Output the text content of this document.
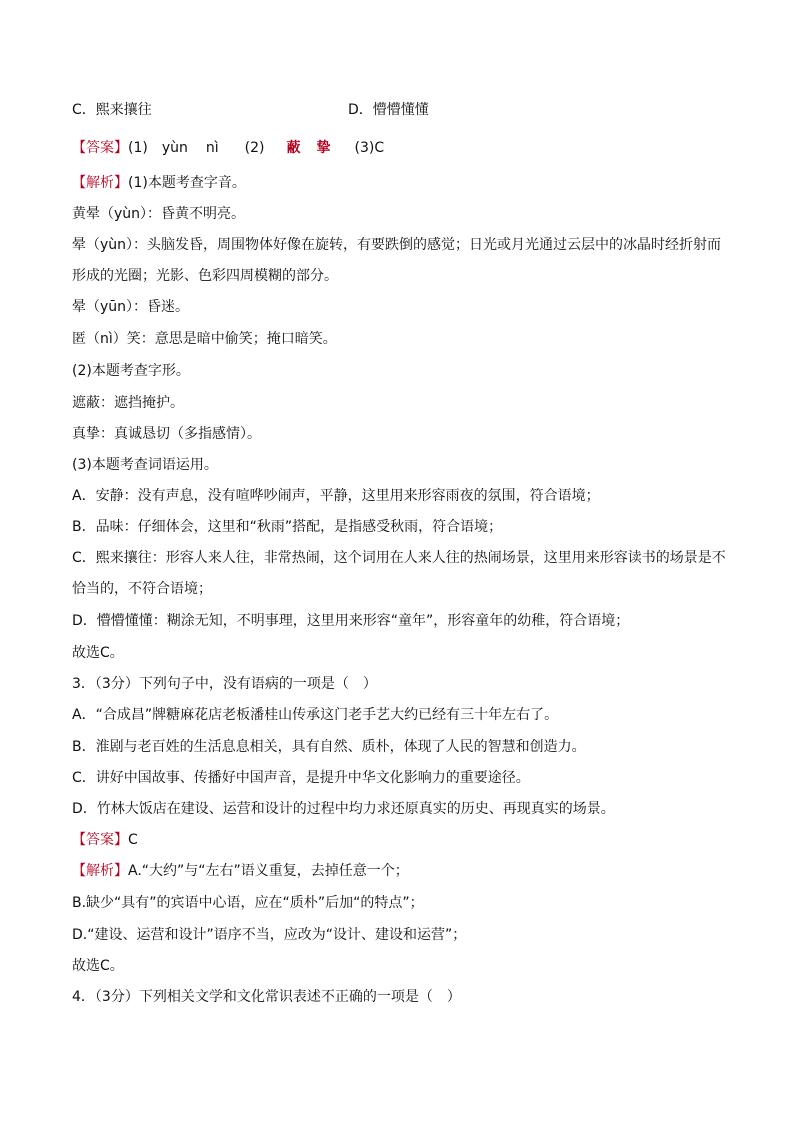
C．熙来攘往	D．懵懵懂懂
【答案】(1) yùn nì (2) 蔽 挚 (3)C
【解析】(1)本题考查字音。
黄晕（yùn）：昏黄不明亮。
晕（yùn）：头脑发昏，周围物体好像在旋转，有要跌倒的感觉；日光或月光通过云层中的冰晶时经折射而
形成的光圈；光影、色彩四周模糊的部分。
晕（yūn）：昏迷。
匿（nì）笑：意思是暗中偷笑；掩口暗笑。
(2)本题考查字形。
遮蔽：遮挡掩护。
真挚：真诚恳切（多指感情）。
(3)本题考查词语运用。
A．安静：没有声息，没有喧哗吵闹声，平静，这里用来形容雨夜的氛围，符合语境；
B．品味：仔细体会，这里和“秋雨”搭配，是指感受秋雨，符合语境；
C．熙来攘往：形容人来人往，非常热闹，这个词用在人来人往的热闹场景，这里用来形容读书的场景是不
恰当的，不符合语境；
D．懵懵懂懂：糊涂无知，不明事理，这里用来形容“童年”，形容童年的幼稚，符合语境；
故选C。
3．（3分）下列句子中，没有语病的一项是（　）
A．“合成昌”牌糖麻花店老板潘桂山传承这门老手艺大约已经有三十年左右了。
B．淮剧与老百姓的生活息息相关，具有自然、质朴，体现了人民的智慧和创造力。
C．讲好中国故事、传播好中国声音，是提升中华文化影响力的重要途径。
D．竹林大饭店在建设、运营和设计的过程中均力求还原真实的历史、再现真实的场景。
【答案】C
【解析】A.“大约”与“左右”语义重复，去掉任意一个；
B.缺少“具有”的宾语中心语，应在“质朴”后加“的特点”；
D.“建设、运营和设计”语序不当，应改为“设计、建设和运营”；
故选C。
4．（3分）下列相关文学和文化常识表述不正确的一项是（　）
